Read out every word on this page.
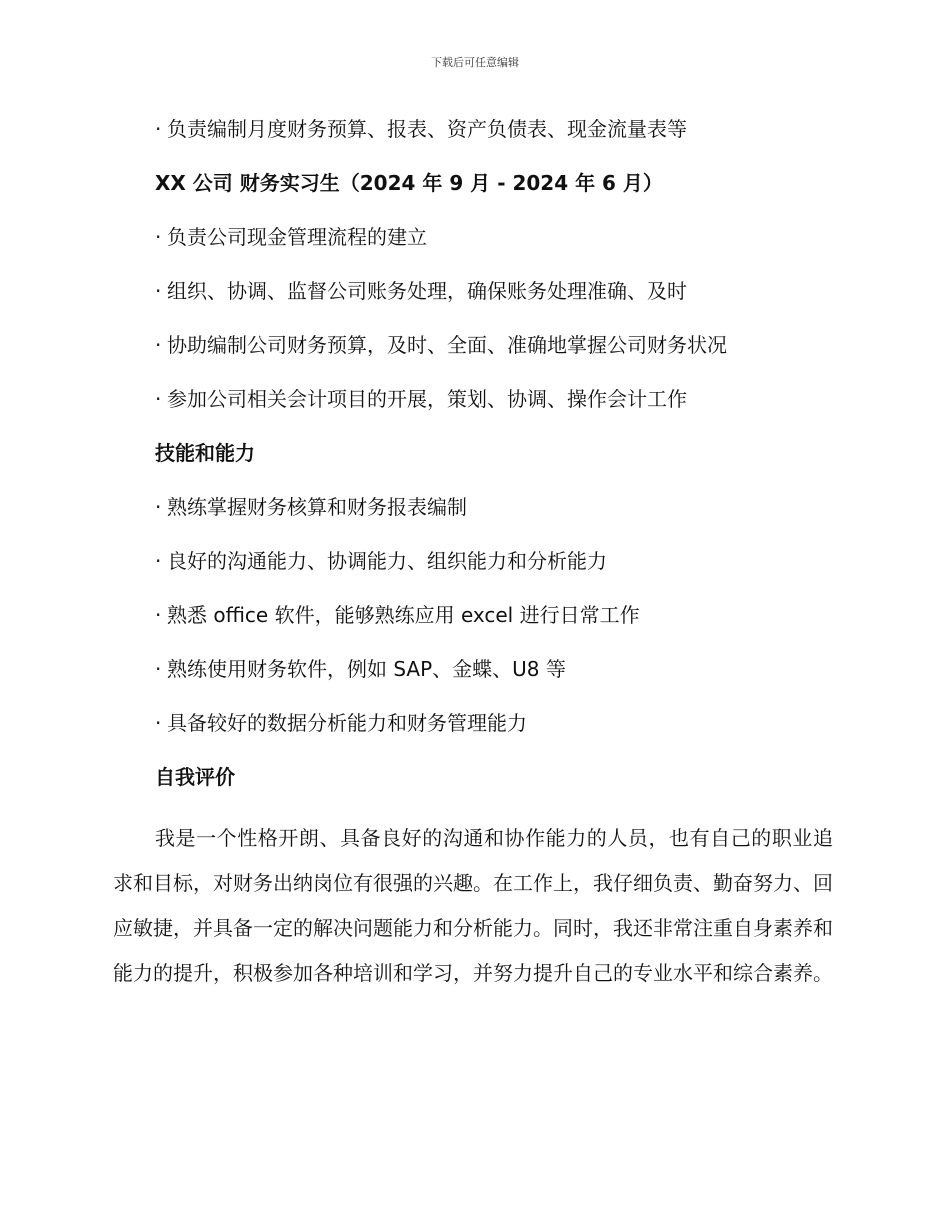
下载后可任意编辑
· 负责编制月度财务预算、报表、资产负债表、现金流量表等
XX 公司 财务实习生（2024 年 9 月 - 2024 年 6 月）
· 负责公司现金管理流程的建立
· 组织、协调、监督公司账务处理，确保账务处理准确、及时
· 协助编制公司财务预算，及时、全面、准确地掌握公司财务状况
· 参加公司相关会计项目的开展，策划、协调、操作会计工作
技能和能力
· 熟练掌握财务核算和财务报表编制
· 良好的沟通能力、协调能力、组织能力和分析能力
· 熟悉 office 软件，能够熟练应用 excel 进行日常工作
· 熟练使用财务软件，例如 SAP、金蝶、U8 等
· 具备较好的数据分析能力和财务管理能力
自我评价
我是一个性格开朗、具备良好的沟通和协作能力的人员，也有自己的职业追求和目标，对财务出纳岗位有很强的兴趣。在工作上，我仔细负责、勤奋努力、回应敏捷，并具备一定的解决问题能力和分析能力。同时，我还非常注重自身素养和能力的提升，积极参加各种培训和学习，并努力提升自己的专业水平和综合素养。
